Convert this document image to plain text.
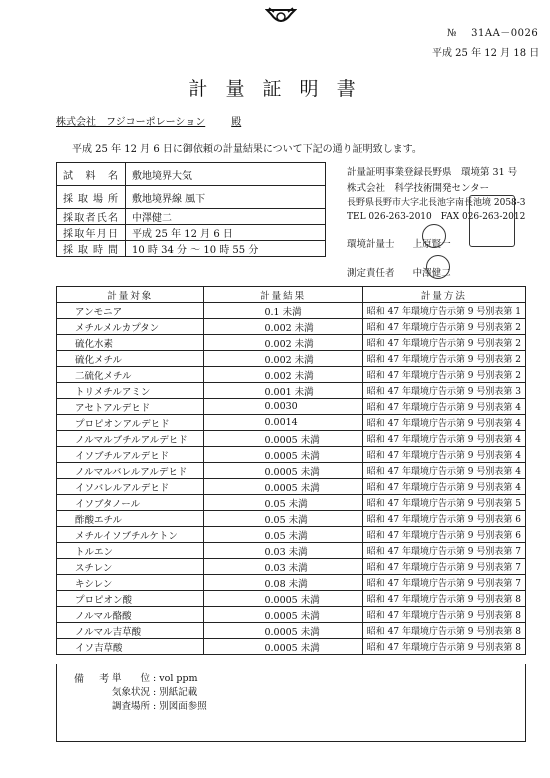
№　 31AA－0026
平成 25 年 12 月 18 日
計 量 証 明 書
株式会社　フジコーポレーション	殿
平成 25 年 12 月 6 日に御依頼の計量結果について下記の通り証明致します。
試 料 名	敷地境界大気
採取場所	敷地境界線 風下
採取者氏名	中澤健二
採取年月日	平成 25 年 12 月 6 日
採取時間	10 時 34 分 〜 10 時 55 分
計量証明事業登録長野県　環境第 31 号
株式会社　科学技術開発センター
長野県長野市大字北長池字南長池境 2058-3
TEL 026-263-2010　FAX 026-263-2012
環境計量士 上原賢一
測定責任者 中澤健二
計量対象	計量結果	計量方法
アンモニア	0.1 未満	昭和 47 年環境庁告示第 9 号別表第 1
メチルメルカプタン	0.002 未満	昭和 47 年環境庁告示第 9 号別表第 2
硫化水素	0.002 未満	昭和 47 年環境庁告示第 9 号別表第 2
硫化メチル	0.002 未満	昭和 47 年環境庁告示第 9 号別表第 2
二硫化メチル	0.002 未満	昭和 47 年環境庁告示第 9 号別表第 2
トリメチルアミン	0.001 未満	昭和 47 年環境庁告示第 9 号別表第 3
アセトアルデヒド	0.0030	昭和 47 年環境庁告示第 9 号別表第 4
プロピオンアルデヒド	0.0014	昭和 47 年環境庁告示第 9 号別表第 4
ノルマルブチルアルデヒド	0.0005 未満	昭和 47 年環境庁告示第 9 号別表第 4
イソブチルアルデヒド	0.0005 未満	昭和 47 年環境庁告示第 9 号別表第 4
ノルマルバレルアルデヒド	0.0005 未満	昭和 47 年環境庁告示第 9 号別表第 4
イソバレルアルデヒド	0.0005 未満	昭和 47 年環境庁告示第 9 号別表第 4
イソブタノール	0.05 未満	昭和 47 年環境庁告示第 9 号別表第 5
酢酸エチル	0.05 未満	昭和 47 年環境庁告示第 9 号別表第 6
メチルイソブチルケトン	0.05 未満	昭和 47 年環境庁告示第 9 号別表第 6
トルエン	0.03 未満	昭和 47 年環境庁告示第 9 号別表第 7
スチレン	0.03 未満	昭和 47 年環境庁告示第 9 号別表第 7
キシレン	0.08 未満	昭和 47 年環境庁告示第 9 号別表第 7
プロピオン酸	0.0005 未満	昭和 47 年環境庁告示第 9 号別表第 8
ノルマル酪酸	0.0005 未満	昭和 47 年環境庁告示第 9 号別表第 8
ノルマル吉草酸	0.0005 未満	昭和 47 年環境庁告示第 9 号別表第 8
イソ吉草酸	0.0005 未満	昭和 47 年環境庁告示第 9 号別表第 8
備 考
単　　位 : vol ppm
気象状況 : 別紙記載
調査場所 : 別図面参照
